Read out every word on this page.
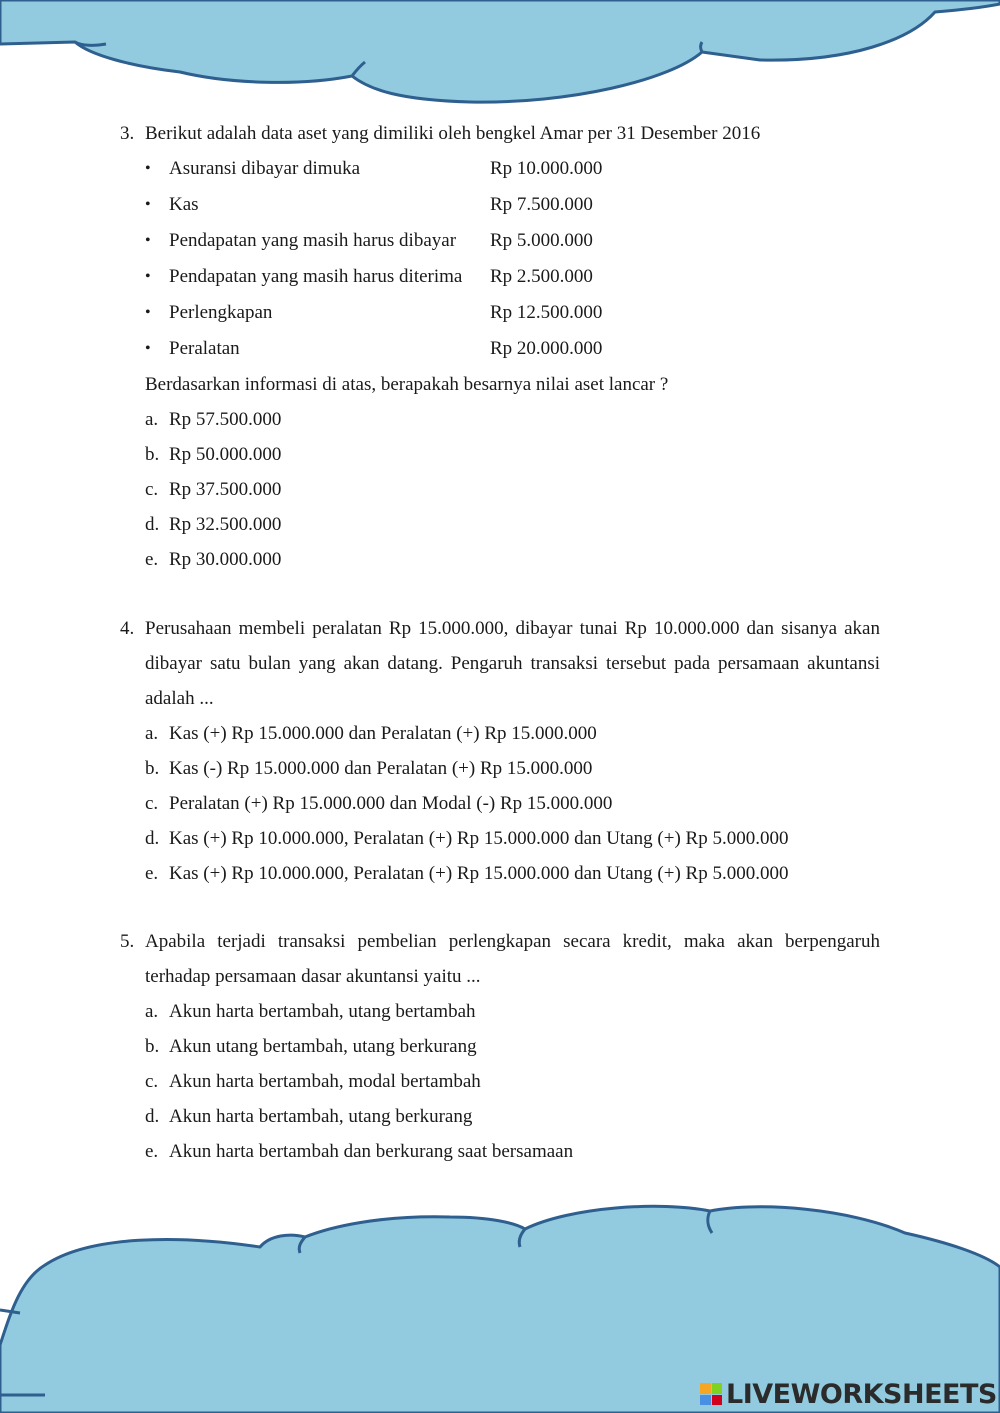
3. Berikut adalah data aset yang dimiliki oleh bengkel Amar per 31 Desember 2016
• Asuransi dibayar dimuka	Rp 10.000.000
• Kas	Rp 7.500.000
• Pendapatan yang masih harus dibayar Rp 5.000.000
• Pendapatan yang masih harus diterima Rp 2.500.000
• Perlengkapan	Rp 12.500.000
• Peralatan	Rp 20.000.000
Berdasarkan informasi di atas, berapakah besarnya nilai aset lancar ?
a. Rp 57.500.000
b. Rp 50.000.000
c. Rp 37.500.000
d. Rp 32.500.000
e. Rp 30.000.000
4. Perusahaan membeli peralatan Rp 15.000.000, dibayar tunai Rp 10.000.000 dan sisanya akan dibayar satu bulan yang akan datang. Pengaruh transaksi tersebut pada persamaan akuntansi adalah ...
a. Kas (+) Rp 15.000.000 dan Peralatan (+) Rp 15.000.000
b. Kas (-) Rp 15.000.000 dan Peralatan (+) Rp 15.000.000
c. Peralatan (+) Rp 15.000.000 dan Modal (-) Rp 15.000.000
d. Kas (+) Rp 10.000.000, Peralatan (+) Rp 15.000.000 dan Utang (+) Rp 5.000.000
e. Kas (+) Rp 10.000.000, Peralatan (+) Rp 15.000.000 dan Utang (+) Rp 5.000.000
5. Apabila terjadi transaksi pembelian perlengkapan secara kredit, maka akan berpengaruh terhadap persamaan dasar akuntansi yaitu ...
a. Akun harta bertambah, utang bertambah
b. Akun utang bertambah, utang berkurang
c. Akun harta bertambah, modal bertambah
d. Akun harta bertambah, utang berkurang
e. Akun harta bertambah dan berkurang saat bersamaan
LIVEWORKSHEETS
